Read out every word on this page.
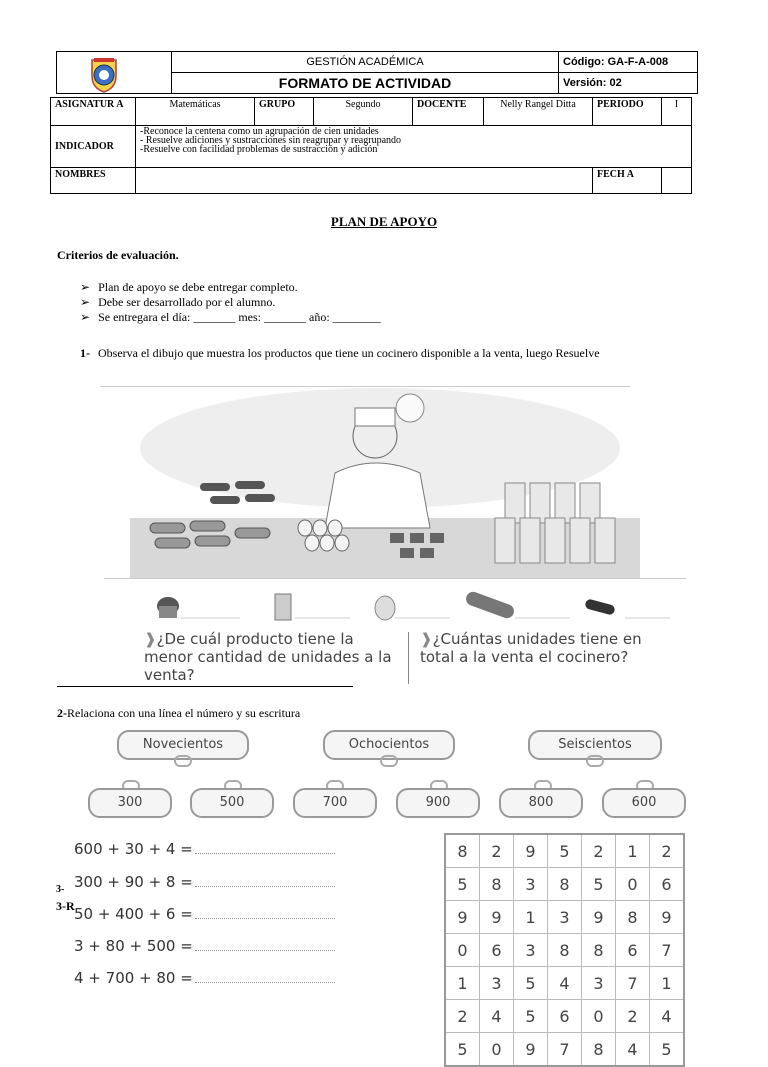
	GESTIÓN ACADÉMICA	Código: GA-F-A-008
	FORMATO DE ACTIVIDAD	Versión: 02
ASIGNATUR A	Matemáticas	GRUPO	Segundo	DOCENTE	Nelly Rangel Ditta	PERIODO	I
INDICADOR	-Reconoce la centena como un agrupación de cien unidades
- Resuelve adiciones y sustracciones sin reagrupar y reagrupando
-Resuelve con facilidad problemas de sustracción y adición						

NOMBRES						FECH A	
PLAN DE APOYO
Criterios de evaluación.
➢ Plan de apoyo se debe entregar completo.
➢ Debe ser desarrollado por el alumno.
➢ Se entregara el día: _______ mes: _______ año: ________
1- Observa el dibujo que muestra los productos que tiene un cocinero disponible a la venta, luego Resuelve
❱¿De cuál producto tiene la menor cantidad de unidades a la venta?
❱¿Cuántas unidades tiene en total a la venta el cocinero?
2-Relaciona con una línea el número y su escritura
Novecientos	Ochocientos	Seiscientos
300	500	700	900	800	600
3-
3-R
600 + 30 + 4 =
300 + 90 + 8 =
50 + 400 + 6 =
3 + 80 + 500 =
4 + 700 + 80 =
8	2	9	5	2	1	2
5	8	3	8	5	0	6
9	9	1	3	9	8	9
0	6	3	8	8	6	7
1	3	5	4	3	7	1
2	4	5	6	0	2	4
5	0	9	7	8	4	5
